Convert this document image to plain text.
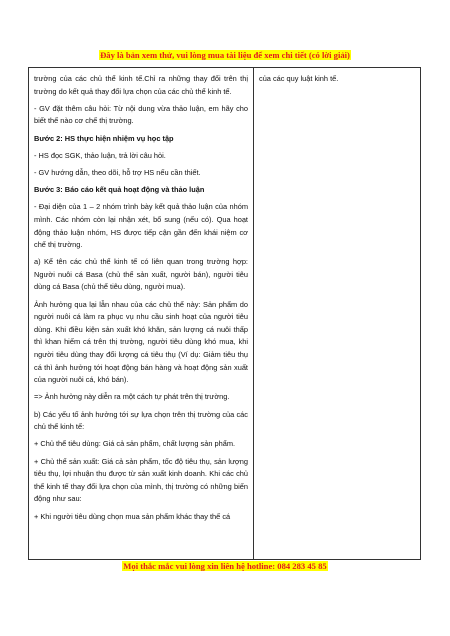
Đây là bản xem thử, vui lòng mua tài liệu để xem chi tiết (có lời giải)

trường của các chủ thể kinh tế.Chỉ ra những thay đổi trên thị trường do kết quả thay đổi lựa chọn của các chủ thể kinh tế.

- GV đặt thêm câu hỏi: Từ nội dung vừa thảo luận, em hãy cho biết thế nào cơ chế thị trường.

Bước 2: HS thực hiện nhiệm vụ học tập

- HS đọc SGK, thảo luận, trả lời câu hỏi.

- GV hướng dẫn, theo dõi, hỗ trợ HS nếu cần thiết.

Bước 3: Báo cáo kết quả hoạt động và thảo luận

- Đại diện của 1 – 2 nhóm trình bày kết quả thảo luận của nhóm mình. Các nhóm còn lại nhận xét, bổ sung (nếu có). Qua hoạt động thảo luận nhóm, HS được tiếp cận gần đến khái niệm cơ chế thị trường.

a) Kể tên các chủ thể kinh tế có liên quan trong trường hợp: Người nuôi cá Basa (chủ thể sản xuất, người bán), người tiêu dùng cá Basa (chủ thể tiêu dùng, người mua).

Ảnh hưởng qua lại lẫn nhau của các chủ thể này: Sản phẩm do người nuôi cá làm ra phục vụ nhu cầu sinh hoạt của người tiêu dùng. Khi điều kiện sản xuất khó khăn, sản lượng cá nuôi thấp thì khan hiếm cá trên thị trường, người tiêu dùng khó mua, khi người tiêu dùng thay đổi lượng cá tiêu thụ (Ví dụ: Giảm tiêu thụ cá thì ảnh hưởng tới hoạt động bán hàng và hoạt động sản xuất của người nuôi cá, khó bán).

=> Ảnh hưởng này diễn ra một cách tự phát trên thị trường.

b) Các yếu tố ảnh hưởng tới sự lựa chọn trên thị trường của các chủ thể kinh tế:

+ Chủ thể tiêu dùng: Giá cả sản phẩm, chất lượng sản phẩm.

+ Chủ thể sản xuất: Giá cả sản phẩm, tốc độ tiêu thụ, sản lượng tiêu thụ, lợi nhuận thu được từ sản xuất kinh doanh. Khi các chủ thể kinh tế thay đổi lựa chọn của mình, thị trường có những biến động như sau:

+ Khi người tiêu dùng chọn mua sản phẩm khác thay thế cá

của các quy luật kinh tế.

Mọi thắc mắc vui lòng xin liên hệ hotline: 084 283 45 85
